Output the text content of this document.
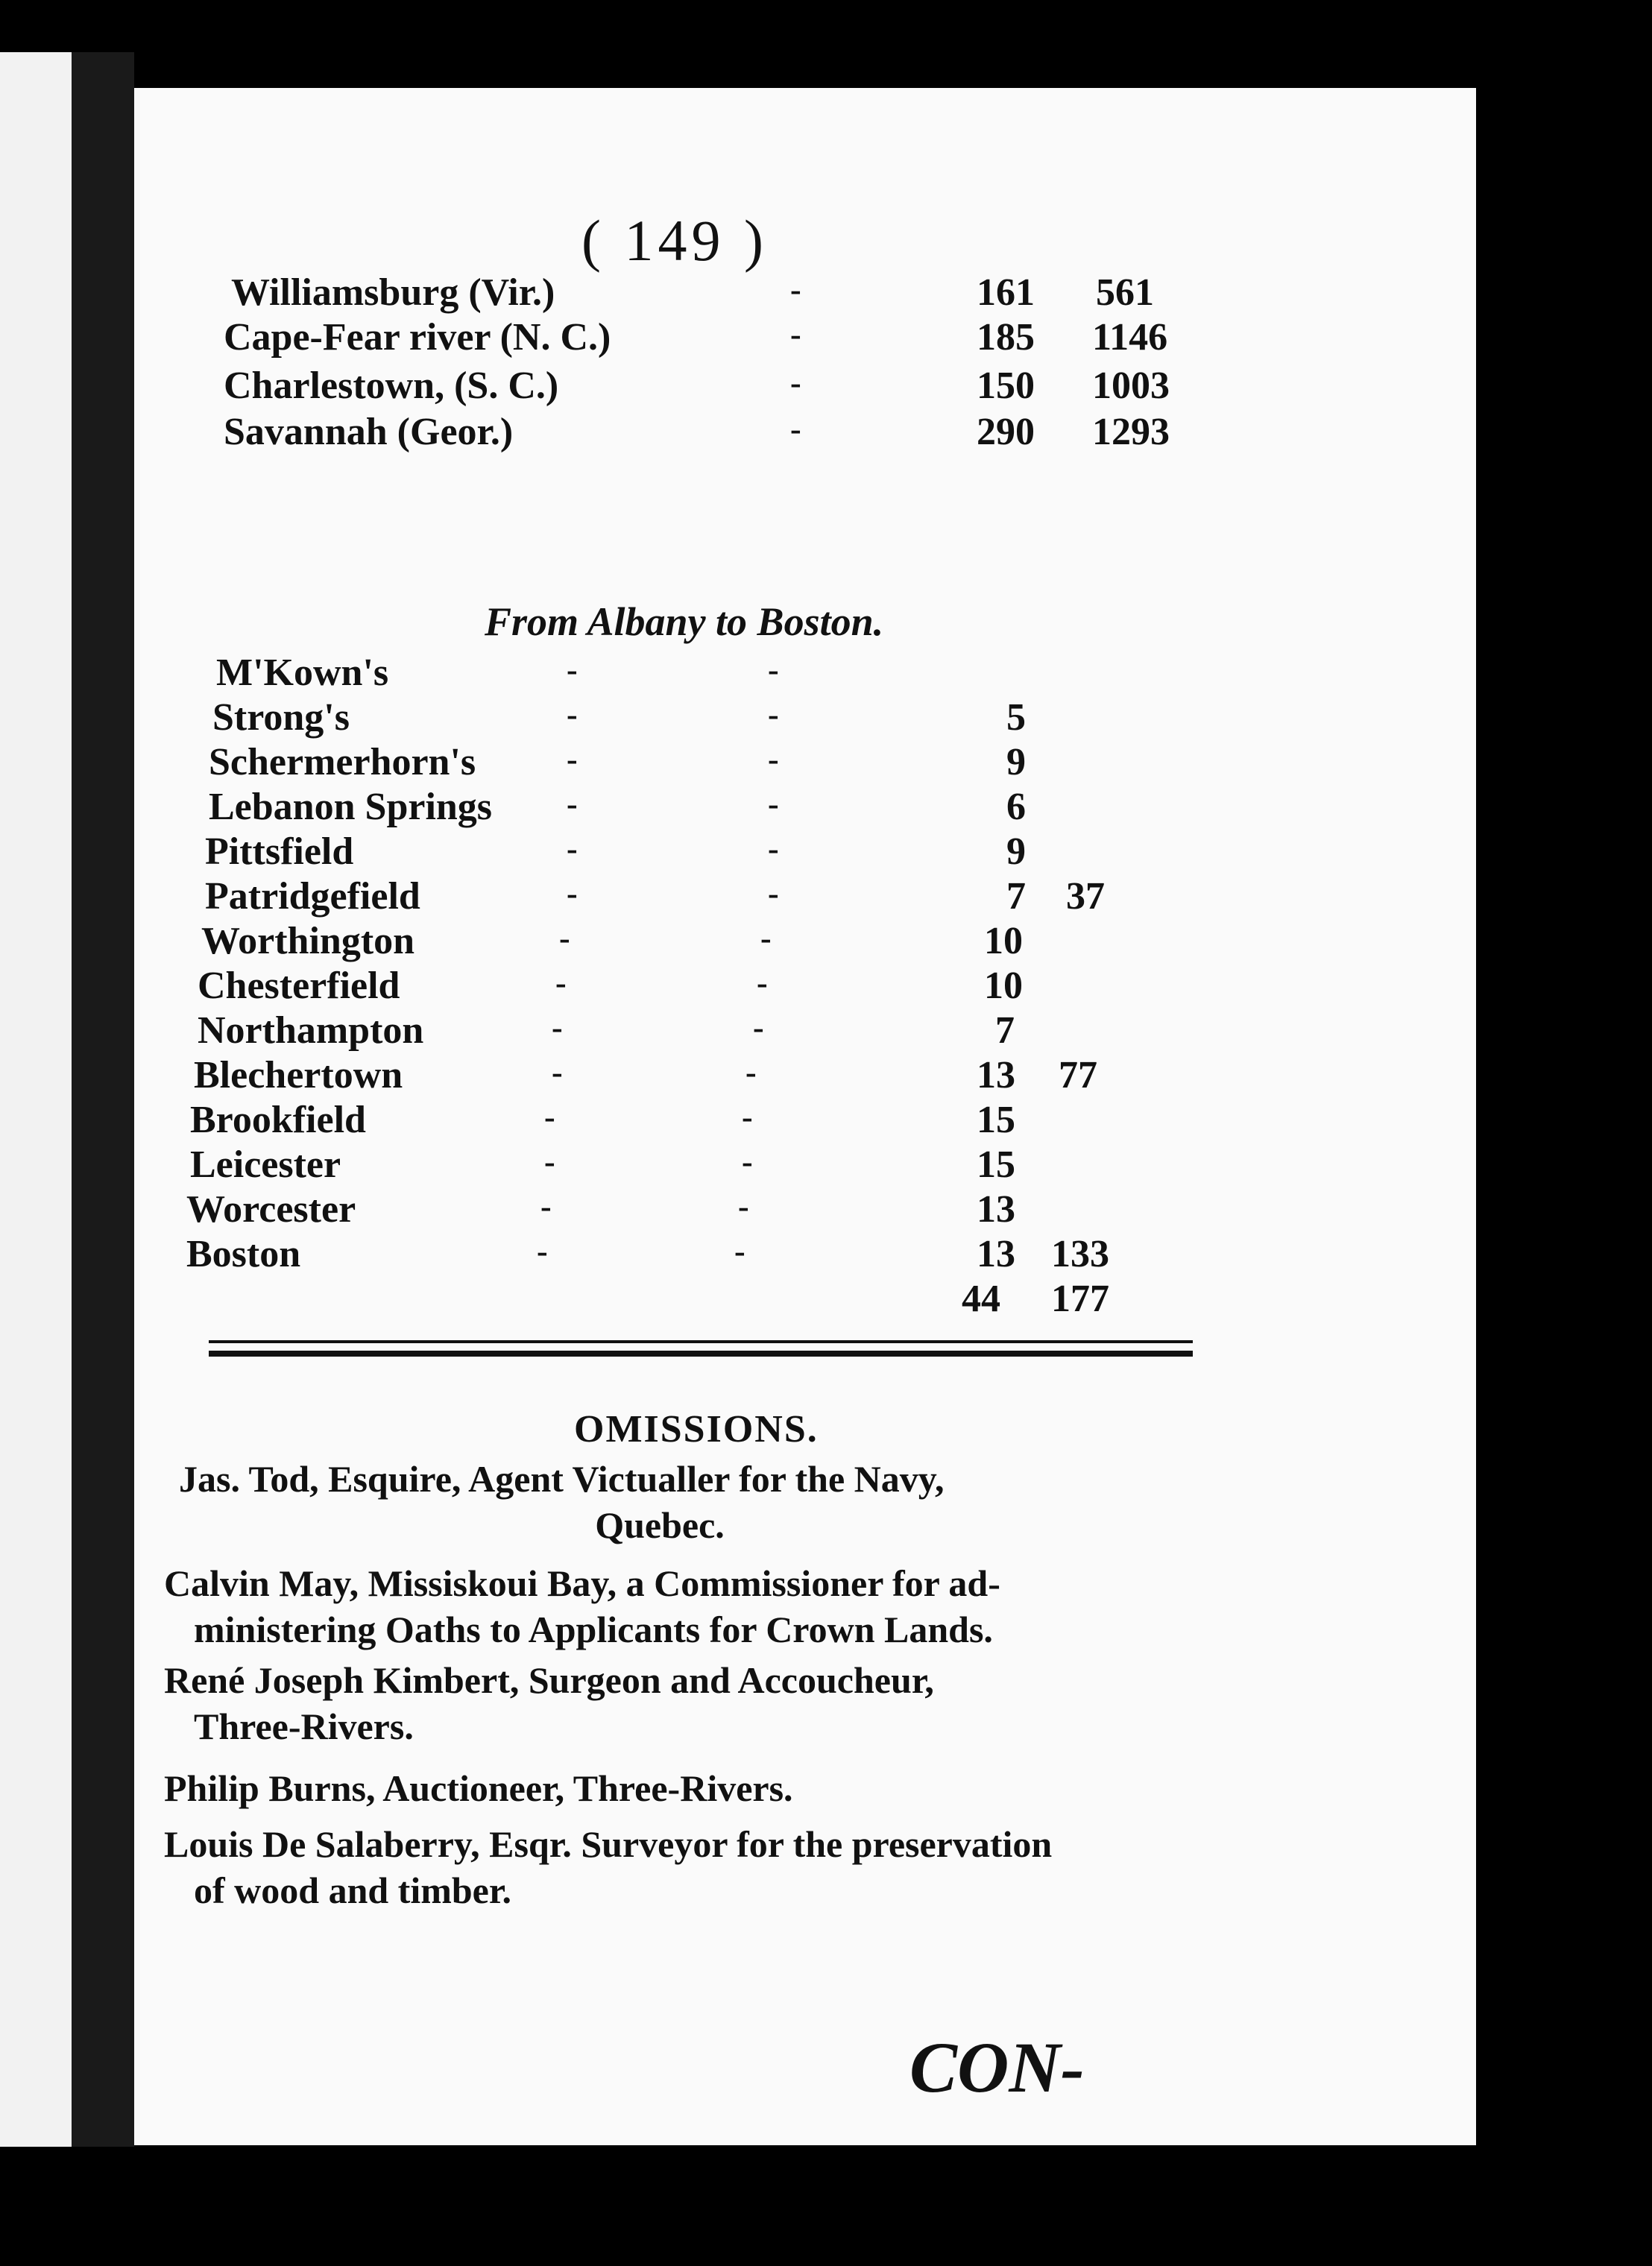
( 149 )
Williamsburg (Vir.)	-	161 561
Cape-Fear river (N. C.)	-	185 1146
Charlestown, (S. C.)	-	150 1003
Savannah (Geor.)	-	290 1293
From Albany to Boston.
M'Kown's	-	-
Strong's	-	-	5
Schermerhorn's	-	-	9
Lebanon Springs -	-	6
Pittsfield	-	-	9
Patridgefield	-	-	7 37
Worthington	-	-	10
Chesterfield	-	-	10
Northampton	-	-	7
Blechertown	-	-	13 77
Brookfield	-	-	15
Leicester	-	-	15
Worcester	-	-	13
Boston	-	-	13 133
44 177
OMISSIONS.
Jas. Tod, Esquire, Agent Victualler for the Navy,
Quebec.
Calvin May, Missiskoui Bay, a Commissioner for ad-
ministering Oaths to Applicants for Crown Lands.
René Joseph Kimbert, Surgeon and Accoucheur,
Three-Rivers.
Philip Burns, Auctioneer, Three-Rivers.
Louis De Salaberry, Esqr. Surveyor for the preservation
of wood and timber.
CON-
